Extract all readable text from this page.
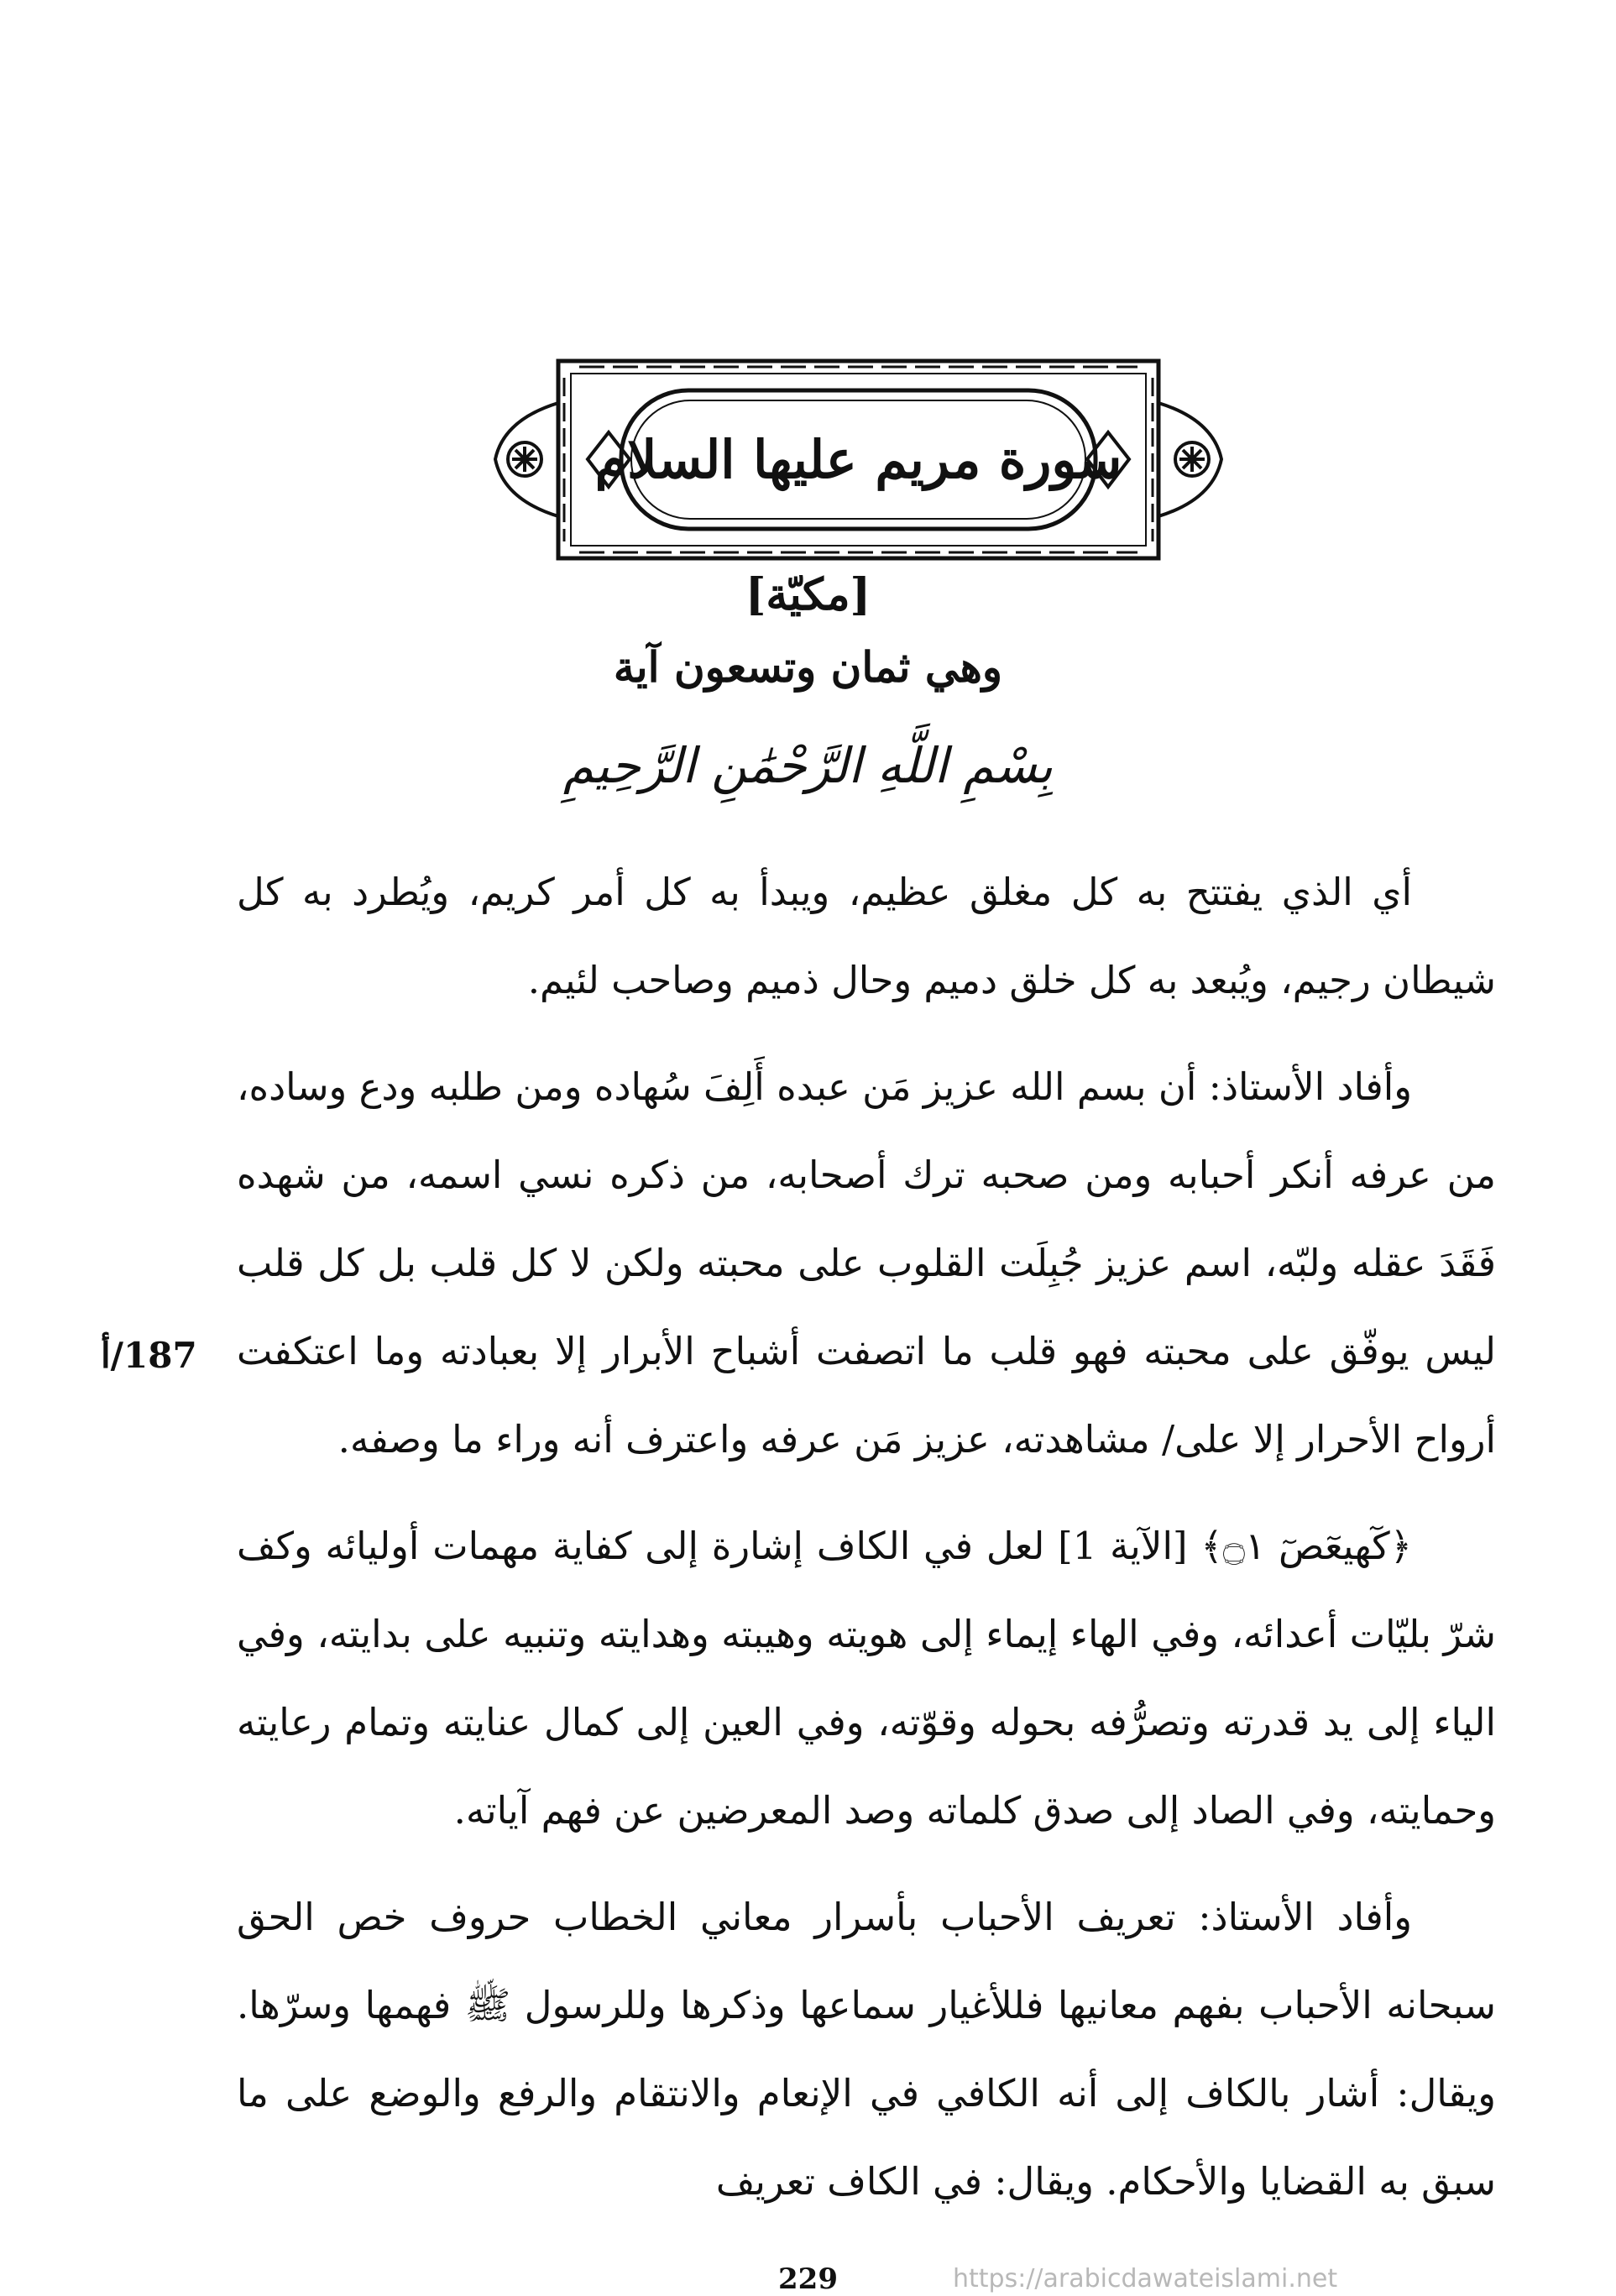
سورة مريم عليها السلام
[مكيّة]
وهي ثمان وتسعون آية
بِسْمِ اللَّهِ الرَّحْمَٰنِ الرَّحِيمِ

أي الذي يفتتح به كل مغلق عظيم، ويبدأ به كل أمر كريم، ويُطرد به كل شيطان رجيم، ويُبعد به كل خلق دميم وحال ذميم وصاحب لئيم.

وأفاد الأستاذ: أن بسم الله عزيز مَن عبده أَلِفَ سُهاده ومن طلبه ودع وساده، من عرفه أنكر أحبابه ومن صحبه ترك أصحابه، من ذكره نسي اسمه، من شهده فَقَدَ عقله ولبّه، اسم عزيز جُبِلَت القلوب على محبته ولكن لا كل قلب بل كل قلب ليس يوفّق على محبته فهو قلب ما اتصفت أشباح الأبرار إلا بعبادته وما اعتكفت أرواح الأحرار إلا على/ مشاهدته، عزيز مَن عرفه واعترف أنه وراء ما وصفه.

﴿كٓهيعٓصٓ ۝١﴾ [الآية 1] لعل في الكاف إشارة إلى كفاية مهمات أوليائه وكف شرّ بليّات أعدائه، وفي الهاء إيماء إلى هويته وهيبته وهدايته وتنبيه على بدايته، وفي الياء إلى يد قدرته وتصرُّفه بحوله وقوّته، وفي العين إلى كمال عنايته وتمام رعايته وحمايته، وفي الصاد إلى صدق كلماته وصد المعرضين عن فهم آياته.

وأفاد الأستاذ: تعريف الأحباب بأسرار معاني الخطاب حروف خص الحق سبحانه الأحباب بفهم معانيها فللأغيار سماعها وذكرها وللرسول ﷺ فهمها وسرّها. ويقال: أشار بالكاف إلى أنه الكافي في الإنعام والانتقام والرفع والوضع على ما سبق به القضايا والأحكام. ويقال: في الكاف تعريف

187/أ
229	https://arabicdawateislami.net
